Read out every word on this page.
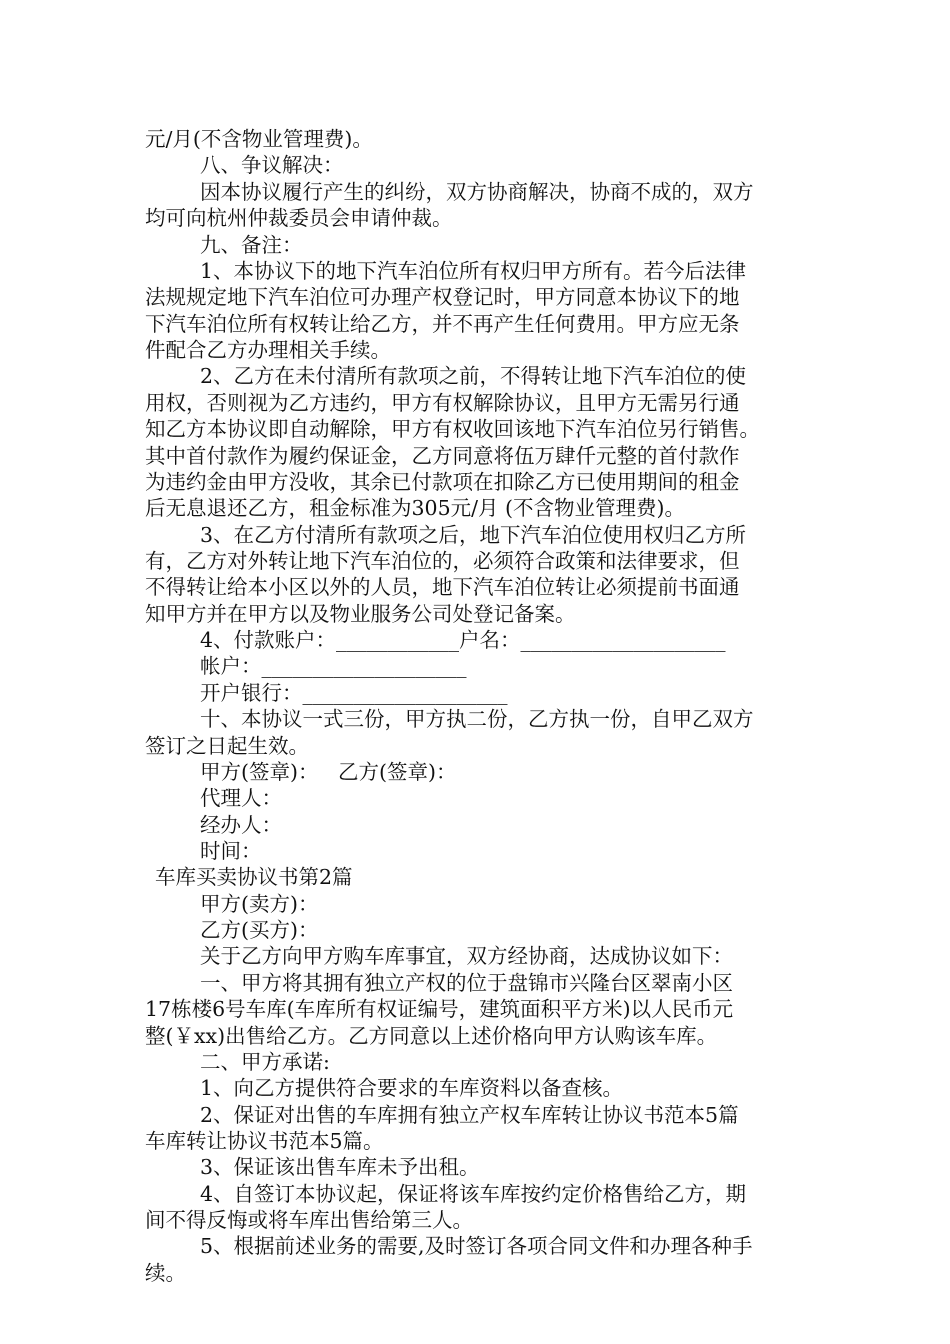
元/月(不含物业管理费)。
八、争议解决：
因本协议履行产生的纠纷，双方协商解决，协商不成的，双方
均可向杭州仲裁委员会申请仲裁。
九、备注：
1、本协议下的地下汽车泊位所有权归甲方所有。若今后法律
法规规定地下汽车泊位可办理产权登记时，甲方同意本协议下的地
下汽车泊位所有权转让给乙方，并不再产生任何费用。甲方应无条
件配合乙方办理相关手续。
2、乙方在未付清所有款项之前，不得转让地下汽车泊位的使
用权，否则视为乙方违约，甲方有权解除协议，且甲方无需另行通
知乙方本协议即自动解除，甲方有权收回该地下汽车泊位另行销售。
其中首付款作为履约保证金，乙方同意将伍万肆仟元整的首付款作
为违约金由甲方没收，其余已付款项在扣除乙方已使用期间的租金
后无息退还乙方，租金标准为305元/月 (不含物业管理费)。
3、在乙方付清所有款项之后，地下汽车泊位使用权归乙方所
有，乙方对外转让地下汽车泊位的，必须符合政策和法律要求，但
不得转让给本小区以外的人员，地下汽车泊位转让必须提前书面通
知甲方并在甲方以及物业服务公司处登记备案。
4、付款账户：____________户名：____________________
帐户：____________________
开户银行：____________________
十、本协议一式三份，甲方执二份，乙方执一份，自甲乙双方
签订之日起生效。
甲方(签章)：   乙方(签章)：
代理人：
经办人：
时间：
车库买卖协议书第2篇
甲方(卖方)：
乙方(买方)：
关于乙方向甲方购车库事宜，双方经协商，达成协议如下：
一、甲方将其拥有独立产权的位于盘锦市兴隆台区翠南小区
17栋楼6号车库(车库所有权证编号，建筑面积平方米)以人民币元
整(￥xx)出售给乙方。乙方同意以上述价格向甲方认购该车库。
二、甲方承诺:
1、向乙方提供符合要求的车库资料以备查核。
2、保证对出售的车库拥有独立产权车库转让协议书范本5篇
车库转让协议书范本5篇。
3、保证该出售车库未予出租。
4、自签订本协议起，保证将该车库按约定价格售给乙方，期
间不得反悔或将车库出售给第三人。
5、根据前述业务的需要,及时签订各项合同文件和办理各种手
续。
